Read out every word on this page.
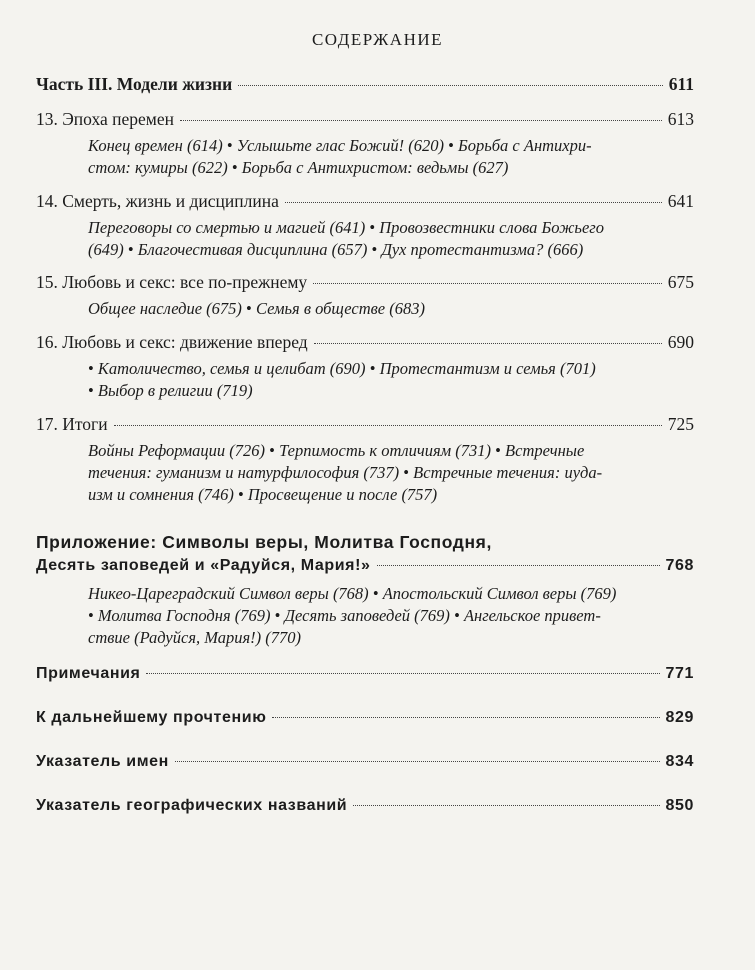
СОДЕРЖАНИЕ
Часть III. Модели жизни	611
13. Эпоха перемен	613
Конец времен (614) • Услышьте глас Божий! (620) • Борьба с Антихри-
стом: кумиры (622) • Борьба с Антихристом: ведьмы (627)
14. Смерть, жизнь и дисциплина	641
Переговоры со смертью и магией (641) • Провозвестники слова Божьего
(649) • Благочестивая дисциплина (657) • Дух протестантизма? (666)
15. Любовь и секс: все по-прежнему	675
Общее наследие (675) • Семья в обществе (683)
16. Любовь и секс: движение вперед	690
• Католичество, семья и целибат (690) • Протестантизм и семья (701)
• Выбор в религии (719)
17. Итоги	725
Войны Реформации (726) • Терпимость к отличиям (731) • Встречные
течения: гуманизм и натурфилософия (737) • Встречные течения: иуда-
изм и сомнения (746) • Просвещение и после (757)
Приложение: Символы веры, Молитва Господня,
Десять заповедей и «Радуйся, Мария!»	768
Никео-Цареградский Символ веры (768) • Апостольский Символ веры (769)
• Молитва Господня (769) • Десять заповедей (769) • Ангельское привет-
ствие (Радуйся, Мария!) (770)
Примечания	771
К дальнейшему прочтению	829
Указатель имен	834
Указатель географических названий	850
